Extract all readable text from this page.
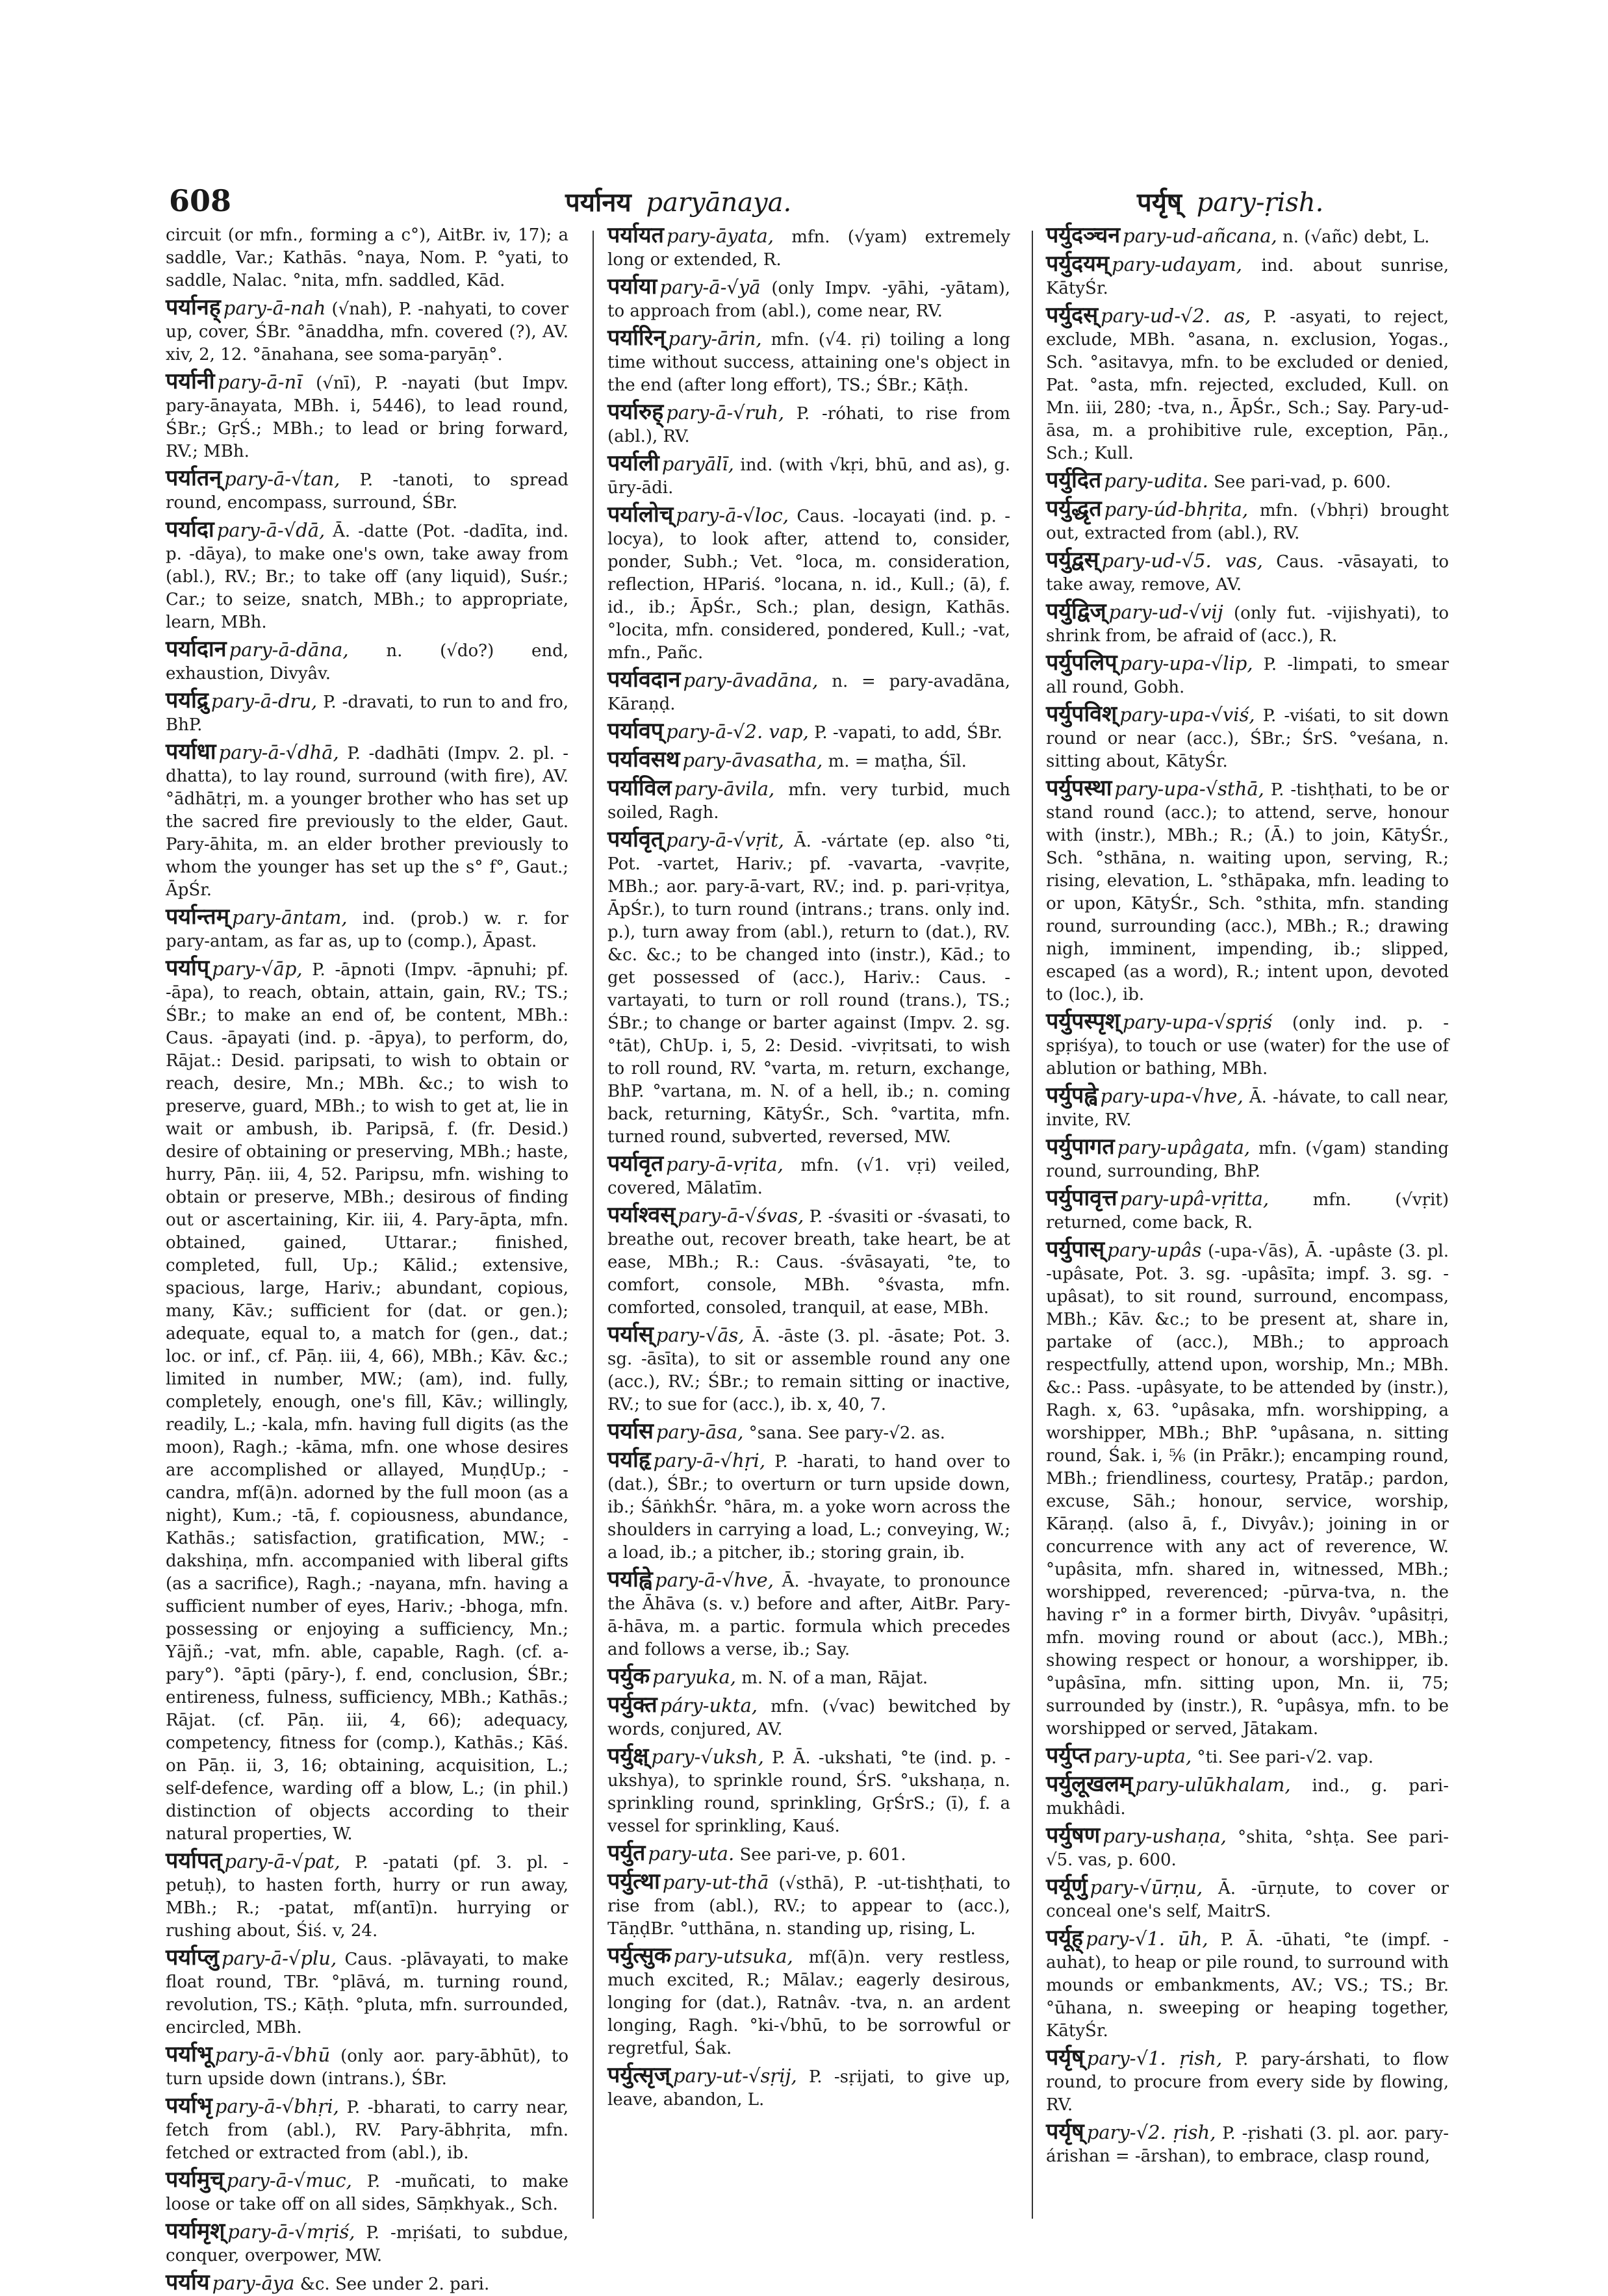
608	पर्यानय paryānaya.	पर्यृष् pary-ṛish.

circuit (or mfn., forming a c°), AitBr. iv, 17); a saddle, Var.; Kathās. °naya, Nom. P. °yati, to saddle, Nalac. °nita, mfn. saddled, Kād.

पर्यानह् pary-ā-nah (√nah), P. -nahyati, to cover up, cover, ŚBr. °ānaddha, mfn. covered (?), AV. xiv, 2, 12. °ānahana, see soma-paryāṇ°.

पर्यानी pary-ā-nī (√nī), P. -nayati (but Impv. pary-ānayata, MBh. i, 5446), to lead round, ŚBr.; GṛŚ.; MBh.; to lead or bring forward, RV.; MBh.

पर्यातन् pary-ā-√tan, P. -tanoti, to spread round, encompass, surround, ŚBr.

पर्यादा pary-ā-√dā, Ā. -datte (Pot. -dadīta, ind. p. -dāya), to make one's own, take away from (abl.), RV.; Br.; to take off (any liquid), Suśr.; Car.; to seize, snatch, MBh.; to appropriate, learn, MBh.

पर्यादान pary-ā-dāna, n. (√do?) end, exhaustion, Divyâv.

पर्याद्रु pary-ā-dru, P. -dravati, to run to and fro, BhP.

पर्याधा pary-ā-√dhā, P. -dadhāti (Impv. 2. pl. -dhatta), to lay round, surround (with fire), AV. °ādhātṛi, m. a younger brother who has set up the sacred fire previously to the elder, Gaut. Pary-āhita, m. an elder brother previously to whom the younger has set up the s° f°, Gaut.; ĀpŚr.

पर्यान्तम् pary-āntam, ind. (prob.) w. r. for pary-antam, as far as, up to (comp.), Āpast.

पर्याप् pary-√āp, P. -āpnoti (Impv. -āpnuhi; pf. -āpa), to reach, obtain, attain, gain, RV.; TS.; ŚBr.; to make an end of, be content, MBh.: Caus. -āpayati (ind. p. -āpya), to perform, do, Rājat.: Desid. paripsati, to wish to obtain or reach, desire, Mn.; MBh. &c.; to wish to preserve, guard, MBh.; to wish to get at, lie in wait or ambush, ib. Paripsā, f. (fr. Desid.) desire of obtaining or preserving, MBh.; haste, hurry, Pāṇ. iii, 4, 52. Paripsu, mfn. wishing to obtain or preserve, MBh.; desirous of finding out or ascertaining, Kir. iii, 4. Pary-āpta, mfn. obtained, gained, Uttarar.; finished, completed, full, Up.; Kālid.; extensive, spacious, large, Hariv.; abundant, copious, many, Kāv.; sufficient for (dat. or gen.); adequate, equal to, a match for (gen., dat.; loc. or inf., cf. Pāṇ. iii, 4, 66), MBh.; Kāv. &c.; limited in number, MW.; (am), ind. fully, completely, enough, one's fill, Kāv.; willingly, readily, L.; -kala, mfn. having full digits (as the moon), Ragh.; -kāma, mfn. one whose desires are accomplished or allayed, MuṇḍUp.; -candra, mf(ā)n. adorned by the full moon (as a night), Kum.; -tā, f. copiousness, abundance, Kathās.; satisfaction, gratification, MW.; -dakshiṇa, mfn. accompanied with liberal gifts (as a sacrifice), Ragh.; -nayana, mfn. having a sufficient number of eyes, Hariv.; -bhoga, mfn. possessing or enjoying a sufficiency, Mn.; Yājñ.; -vat, mfn. able, capable, Ragh. (cf. a-pary°). °āpti (pāry-), f. end, conclusion, ŚBr.; entireness, fulness, sufficiency, MBh.; Kathās.; Rājat. (cf. Pāṇ. iii, 4, 66); adequacy, competency, fitness for (comp.), Kathās.; Kāś. on Pāṇ. ii, 3, 16; obtaining, acquisition, L.; self-defence, warding off a blow, L.; (in phil.) distinction of objects according to their natural properties, W.

पर्यापत् pary-ā-√pat, P. -patati (pf. 3. pl. -petuḥ), to hasten forth, hurry or run away, MBh.; R.; -patat, mf(antī)n. hurrying or rushing about, Śiś. v, 24.

पर्याप्लु pary-ā-√plu, Caus. -plāvayati, to make float round, TBr. °plāvá, m. turning round, revolution, TS.; Kāṭh. °pluta, mfn. surrounded, encircled, MBh.

पर्याभू pary-ā-√bhū (only aor. pary-ābhūt), to turn upside down (intrans.), ŚBr.

पर्याभृ pary-ā-√bhṛi, P. -bharati, to carry near, fetch from (abl.), RV. Pary-ābhṛita, mfn. fetched or extracted from (abl.), ib.

पर्यामुच् pary-ā-√muc, P. -muñcati, to make loose or take off on all sides, Sāṃkhyak., Sch.

पर्यामृश् pary-ā-√mṛiś, P. -mṛiśati, to subdue, conquer, overpower, MW.

पर्याय pary-āya &c. See under 2. pari.

पर्यायत pary-āyata, mfn. (√yam) extremely long or extended, R.

पर्याया pary-ā-√yā (only Impv. -yāhi, -yātam), to approach from (abl.), come near, RV.

पर्यारिन् pary-ārin, mfn. (√4. ṛi) toiling a long time without success, attaining one's object in the end (after long effort), TS.; ŚBr.; Kāṭh.

पर्यारुह् pary-ā-√ruh, P. -róhati, to rise from (abl.), RV.

पर्याली paryālī, ind. (with √kṛi, bhū, and as), g. ūry-ādi.

पर्यालोच् pary-ā-√loc, Caus. -locayati (ind. p. -locya), to look after, attend to, consider, ponder, Subh.; Vet. °loca, m. consideration, reflection, HPariś. °locana, n. id., Kull.; (ā), f. id., ib.; ĀpŚr., Sch.; plan, design, Kathās. °locita, mfn. considered, pondered, Kull.; -vat, mfn., Pañc.

पर्यावदान pary-āvadāna, n. = pary-avadāna, Kāraṇḍ.

पर्यावप् pary-ā-√2. vap, P. -vapati, to add, ŚBr.

पर्यावसथ pary-āvasatha, m. = maṭha, Śīl.

पर्याविल pary-āvila, mfn. very turbid, much soiled, Ragh.

पर्यावृत् pary-ā-√vṛit, Ā. -vártate (ep. also °ti, Pot. -vartet, Hariv.; pf. -vavarta, -vavṛite, MBh.; aor. pary-ā-vart, RV.; ind. p. pari-vṛitya, ĀpŚr.), to turn round (intrans.; trans. only ind. p.), turn away from (abl.), return to (dat.), RV. &c. &c.; to be changed into (instr.), Kād.; to get possessed of (acc.), Hariv.: Caus. -vartayati, to turn or roll round (trans.), TS.; ŚBr.; to change or barter against (Impv. 2. sg. °tāt), ChUp. i, 5, 2: Desid. -vivṛitsati, to wish to roll round, RV. °varta, m. return, exchange, BhP. °vartana, m. N. of a hell, ib.; n. coming back, returning, KātyŚr., Sch. °vartita, mfn. turned round, subverted, reversed, MW.

पर्यावृत pary-ā-vṛita, mfn. (√1. vṛi) veiled, covered, Mālatīm.

पर्याश्वस् pary-ā-√śvas, P. -śvasiti or -śvasati, to breathe out, recover breath, take heart, be at ease, MBh.; R.: Caus. -śvāsayati, °te, to comfort, console, MBh. °śvasta, mfn. comforted, consoled, tranquil, at ease, MBh.

पर्यास् pary-√ās, Ā. -āste (3. pl. -āsate; Pot. 3. sg. -āsīta), to sit or assemble round any one (acc.), RV.; ŚBr.; to remain sitting or inactive, RV.; to sue for (acc.), ib. x, 40, 7.

पर्यास pary-āsa, °sana. See pary-√2. as.

पर्याहृ pary-ā-√hṛi, P. -harati, to hand over to (dat.), ŚBr.; to overturn or turn upside down, ib.; ŚāṅkhŚr. °hāra, m. a yoke worn across the shoulders in carrying a load, L.; conveying, W.; a load, ib.; a pitcher, ib.; storing grain, ib.

पर्याह्वे pary-ā-√hve, Ā. -hvayate, to pronounce the Āhāva (s. v.) before and after, AitBr. Pary-ā-hāva, m. a partic. formula which precedes and follows a verse, ib.; Say.

पर्युक paryuka, m. N. of a man, Rājat.

पर्युक्त páry-ukta, mfn. (√vac) bewitched by words, conjured, AV.

पर्युक्ष् pary-√uksh, P. Ā. -ukshati, °te (ind. p. -ukshya), to sprinkle round, ŚrS. °ukshaṇa, n. sprinkling round, sprinkling, GṛŚrS.; (ī), f. a vessel for sprinkling, Kauś.

पर्युत pary-uta. See pari-ve, p. 601.

पर्युत्था pary-ut-thā (√sthā), P. -ut-tishṭhati, to rise from (abl.), RV.; to appear to (acc.), TāṇḍBr. °utthāna, n. standing up, rising, L.

पर्युत्सुक pary-utsuka, mf(ā)n. very restless, much excited, R.; Mālav.; eagerly desirous, longing for (dat.), Ratnâv. -tva, n. an ardent longing, Ragh. °ki-√bhū, to be sorrowful or regretful, Śak.

पर्युत्सृज् pary-ut-√sṛij, P. -sṛijati, to give up, leave, abandon, L.

पर्युदञ्चन pary-ud-añcana, n. (√añc) debt, L.

पर्युदयम् pary-udayam, ind. about sunrise, KātyŚr.

पर्युदस् pary-ud-√2. as, P. -asyati, to reject, exclude, MBh. °asana, n. exclusion, Yogas., Sch. °asitavya, mfn. to be excluded or denied, Pat. °asta, mfn. rejected, excluded, Kull. on Mn. iii, 280; -tva, n., ĀpŚr., Sch.; Say. Pary-ud-āsa, m. a prohibitive rule, exception, Pāṇ., Sch.; Kull.

पर्युदित pary-udita. See pari-vad, p. 600.

पर्युद्धृत pary-úd-bhṛita, mfn. (√bhṛi) brought out, extracted from (abl.), RV.

पर्युद्वस् pary-ud-√5. vas, Caus. -vāsayati, to take away, remove, AV.

पर्युद्विज् pary-ud-√vij (only fut. -vijishyati), to shrink from, be afraid of (acc.), R.

पर्युपलिप् pary-upa-√lip, P. -limpati, to smear all round, Gobh.

पर्युपविश् pary-upa-√viś, P. -viśati, to sit down round or near (acc.), ŚBr.; ŚrS. °veśana, n. sitting about, KātyŚr.

पर्युपस्था pary-upa-√sthā, P. -tishṭhati, to be or stand round (acc.); to attend, serve, honour with (instr.), MBh.; R.; (Ā.) to join, KātyŚr., Sch. °sthāna, n. waiting upon, serving, R.; rising, elevation, L. °sthāpaka, mfn. leading to or upon, KātyŚr., Sch. °sthita, mfn. standing round, surrounding (acc.), MBh.; R.; drawing nigh, imminent, impending, ib.; slipped, escaped (as a word), R.; intent upon, devoted to (loc.), ib.

पर्युपस्पृश् pary-upa-√spṛiś (only ind. p. -spṛiśya), to touch or use (water) for the use of ablution or bathing, MBh.

पर्युपह्वे pary-upa-√hve, Ā. -hávate, to call near, invite, RV.

पर्युपागत pary-upâgata, mfn. (√gam) standing round, surrounding, BhP.

पर्युपावृत्त pary-upâ-vṛitta,	mfn. (√vṛit) returned, come back, R.

पर्युपास् pary-upâs (-upa-√ās), Ā. -upâste (3. pl. -upâsate, Pot. 3. sg. -upâsīta; impf. 3. sg. -upâsat), to sit round, surround, encompass, MBh.; Kāv. &c.; to be present at, share in, partake of (acc.), MBh.; to approach respectfully, attend upon, worship, Mn.; MBh. &c.: Pass. -upâsyate, to be attended by (instr.), Ragh. x, 63. °upâsaka, mfn. worshipping, a worshipper, MBh.; BhP. °upâsana, n. sitting round, Śak. i, ⅚ (in Prākr.); encamping round, MBh.; friendliness, courtesy, Pratāp.; pardon, excuse, Sāh.; honour, service, worship, Kāraṇḍ. (also ā, f., Divyâv.); joining in or concurrence with any act of reverence, W. °upâsita, mfn. shared in, witnessed, MBh.; worshipped, reverenced; -pūrva-tva, n. the having r° in a former birth, Divyâv. °upâsitṛi, mfn. moving round or about (acc.), MBh.; showing respect or honour, a worshipper, ib. °upâsīna, mfn. sitting upon, Mn. ii, 75; surrounded by (instr.), R. °upâsya, mfn. to be worshipped or served, Jātakam.

पर्युप्त pary-upta, °ti. See pari-√2. vap.

पर्युलूखलम् pary-ulūkhalam, ind., g. pari-mukhâdi.

पर्युषण pary-ushaṇa, °shita, °shṭa. See pari-√5. vas, p. 600.

पर्यूर्णु pary-√ūrṇu, Ā. -ūrṇute, to cover or conceal one's self, MaitrS.

पर्यूह् pary-√1. ūh, P. Ā. -ūhati, °te (impf. -auhat), to heap or pile round, to surround with mounds or embankments, AV.; VS.; TS.; Br. °ūhana, n. sweeping or heaping together, KātyŚr.

पर्यृष् pary-√1. ṛish, P. pary-árshati, to flow round, to procure from every side by flowing, RV.

पर्यृष् pary-√2. ṛish, P. -ṛishati (3. pl. aor. pary-árishan = -ārshan), to embrace, clasp round,
